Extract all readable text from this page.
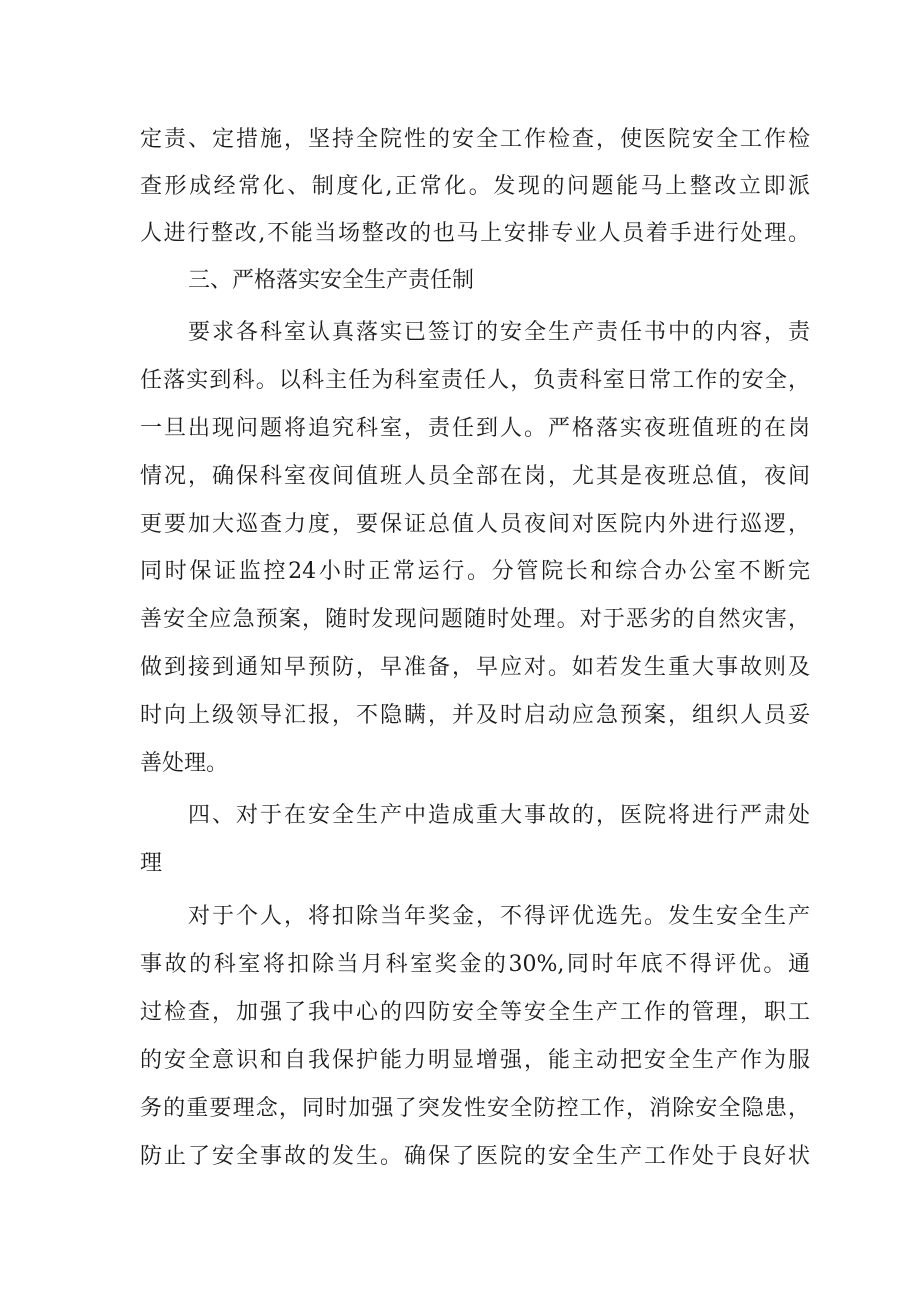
定责、定措施，坚持全院性的安全工作检查，使医院安全工作检
查形成经常化、制度化,正常化。发现的问题能马上整改立即派
人进行整改,不能当场整改的也马上安排专业人员着手进行处理。
三、严格落实安全生产责任制
要求各科室认真落实已签订的安全生产责任书中的内容，责
任落实到科。以科主任为科室责任人，负责科室日常工作的安全，
一旦出现问题将追究科室，责任到人。严格落实夜班值班的在岗
情况，确保科室夜间值班人员全部在岗，尤其是夜班总值，夜间
更要加大巡查力度，要保证总值人员夜间对医院内外进行巡逻，
同时保证监控24小时正常运行。分管院长和综合办公室不断完
善安全应急预案，随时发现问题随时处理。对于恶劣的自然灾害，
做到接到通知早预防，早准备，早应对。如若发生重大事故则及
时向上级领导汇报，不隐瞒，并及时启动应急预案，组织人员妥
善处理。
四、对于在安全生产中造成重大事故的，医院将进行严肃处
理
对于个人，将扣除当年奖金，不得评优选先。发生安全生产
事故的科室将扣除当月科室奖金的30%,同时年底不得评优。通
过检查，加强了我中心的四防安全等安全生产工作的管理，职工
的安全意识和自我保护能力明显增强，能主动把安全生产作为服
务的重要理念，同时加强了突发性安全防控工作，消除安全隐患，
防止了安全事故的发生。确保了医院的安全生产工作处于良好状
